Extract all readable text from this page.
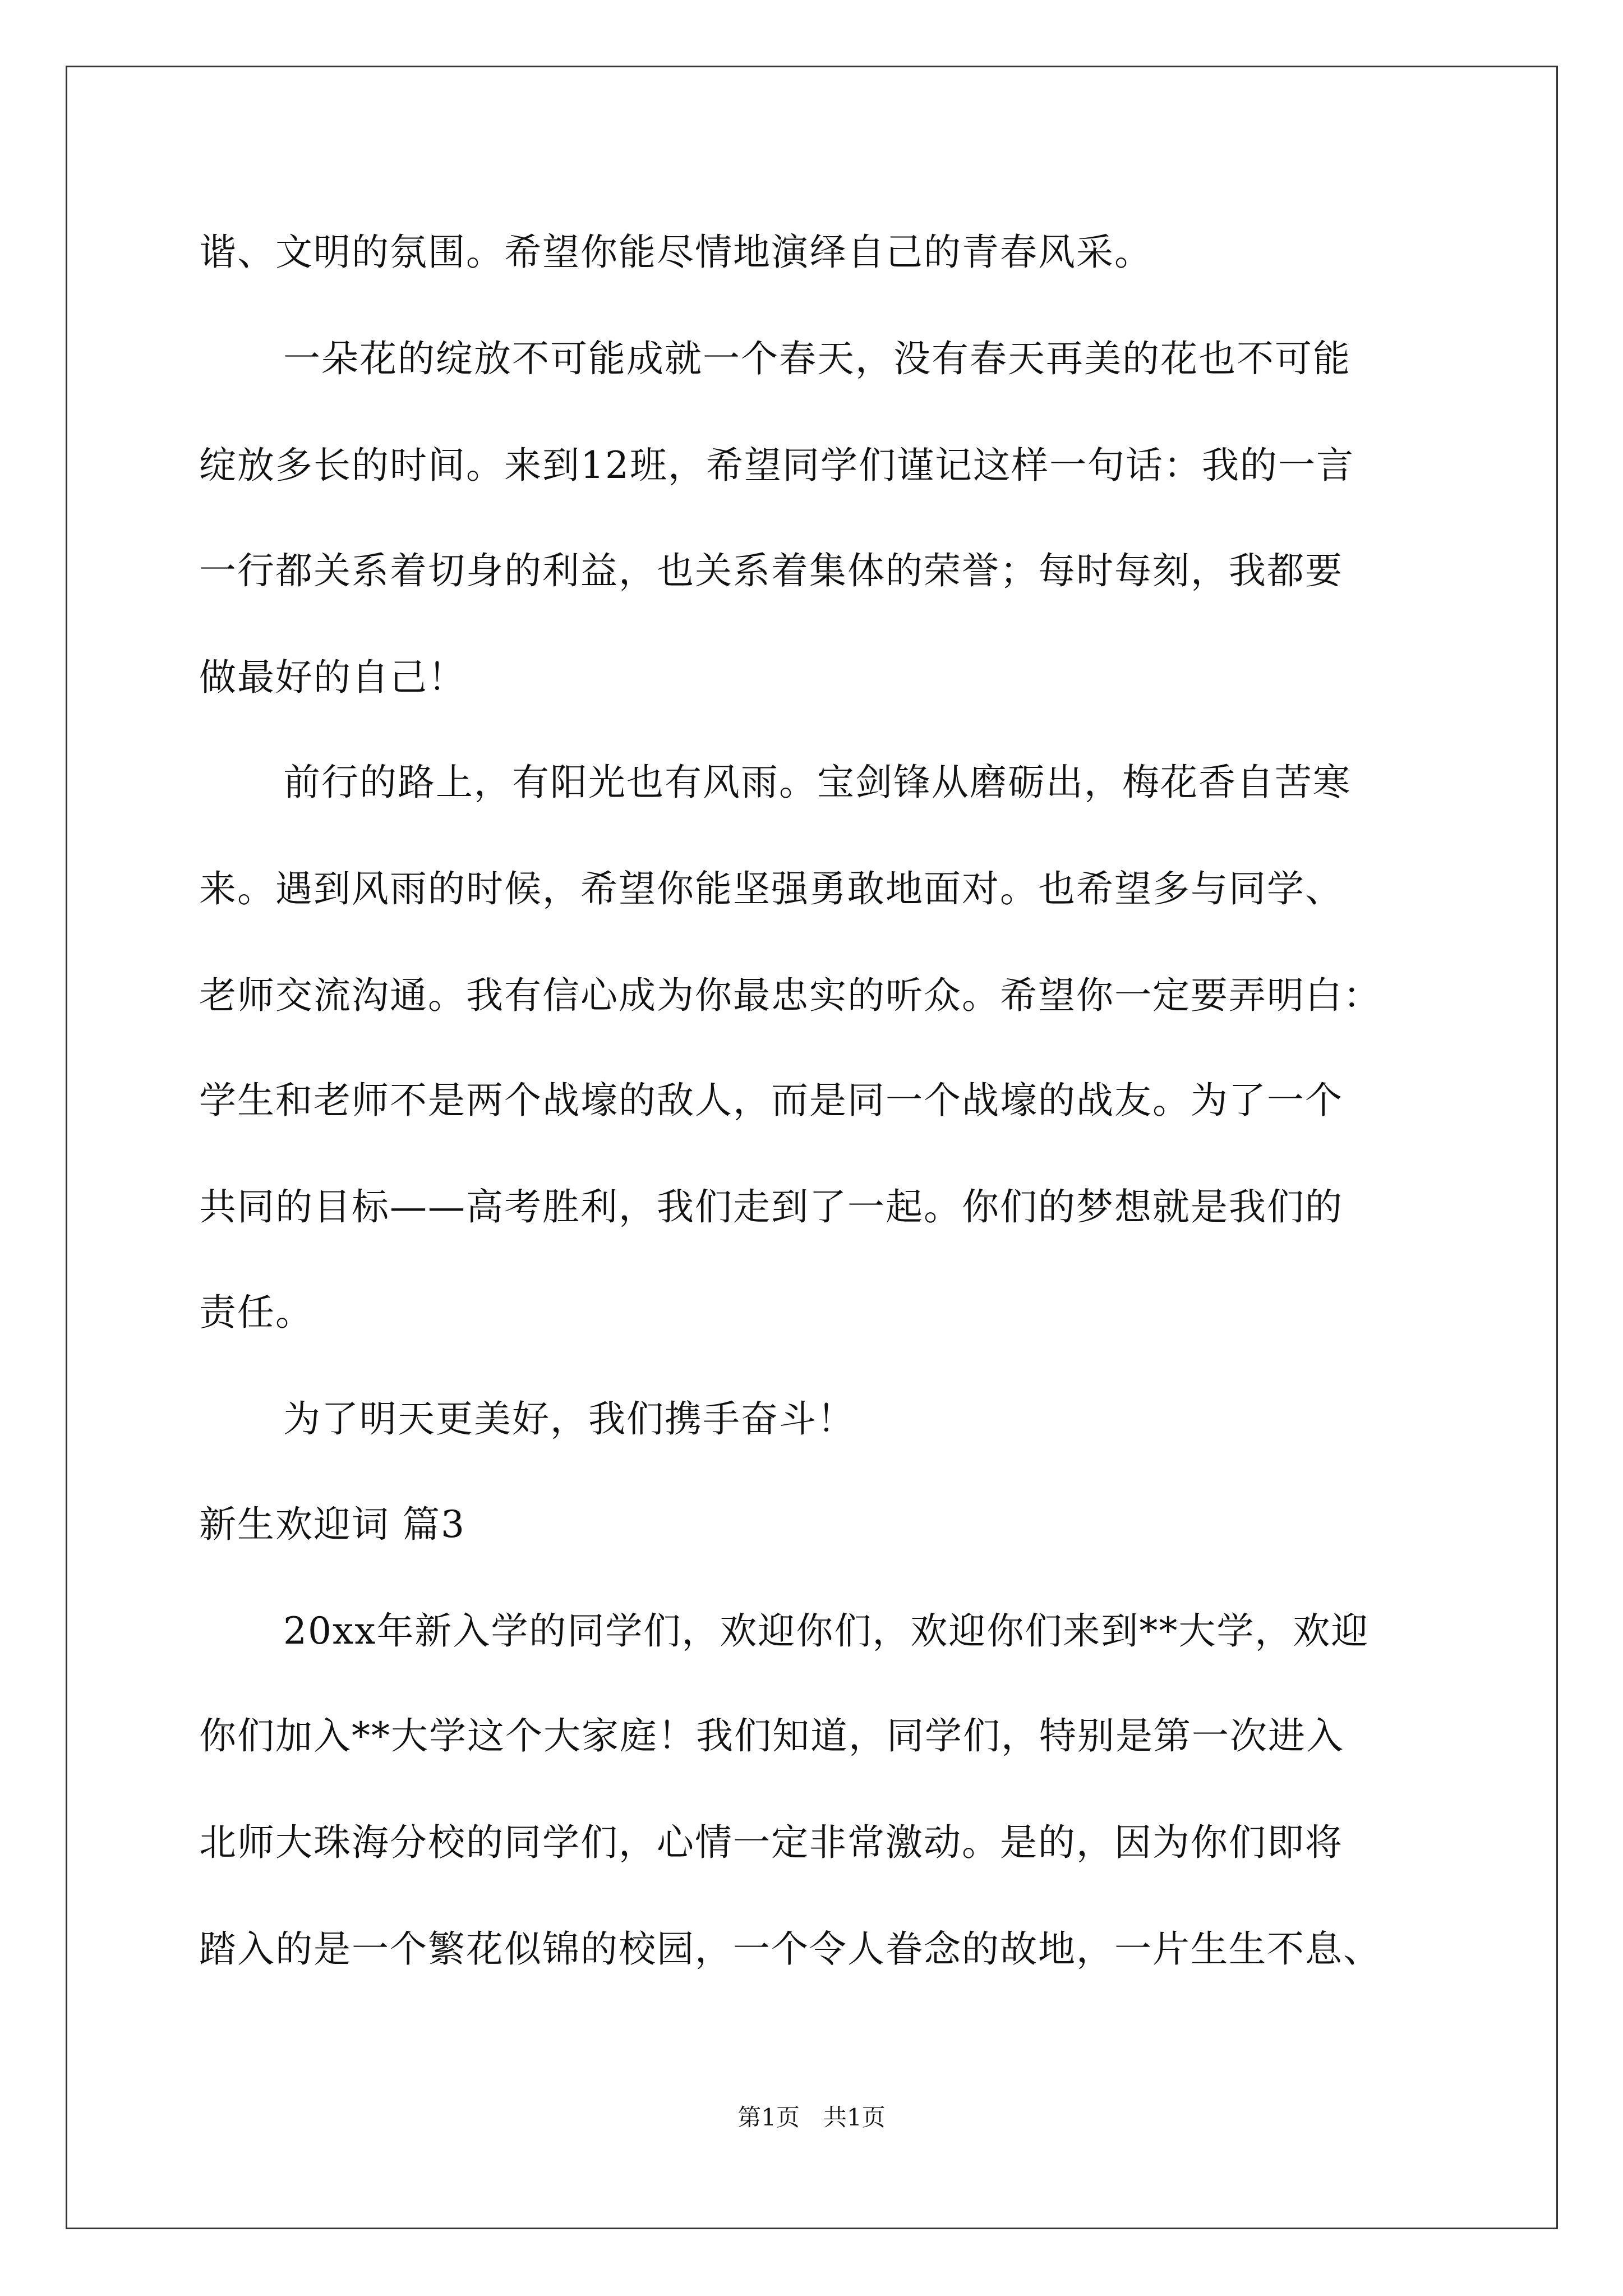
谐、文明的氛围。希望你能尽情地演绎自己的青春风采。
一朵花的绽放不可能成就一个春天，没有春天再美的花也不可能
绽放多长的时间。来到12班，希望同学们谨记这样一句话：我的一言
一行都关系着切身的利益，也关系着集体的荣誉；每时每刻，我都要
做最好的自己！
前行的路上，有阳光也有风雨。宝剑锋从磨砺出，梅花香自苦寒
来。遇到风雨的时候，希望你能坚强勇敢地面对。也希望多与同学、
老师交流沟通。我有信心成为你最忠实的听众。希望你一定要弄明白：
学生和老师不是两个战壕的敌人，而是同一个战壕的战友。为了一个
共同的目标——高考胜利，我们走到了一起。你们的梦想就是我们的
责任。
为了明天更美好，我们携手奋斗！
新生欢迎词 篇3
20xx年新入学的同学们，欢迎你们，欢迎你们来到**大学，欢迎
你们加入**大学这个大家庭！我们知道，同学们，特别是第一次进入
北师大珠海分校的同学们，心情一定非常激动。是的，因为你们即将
踏入的是一个繁花似锦的校园，一个令人眷念的故地，一片生生不息、
第1页　共1页
